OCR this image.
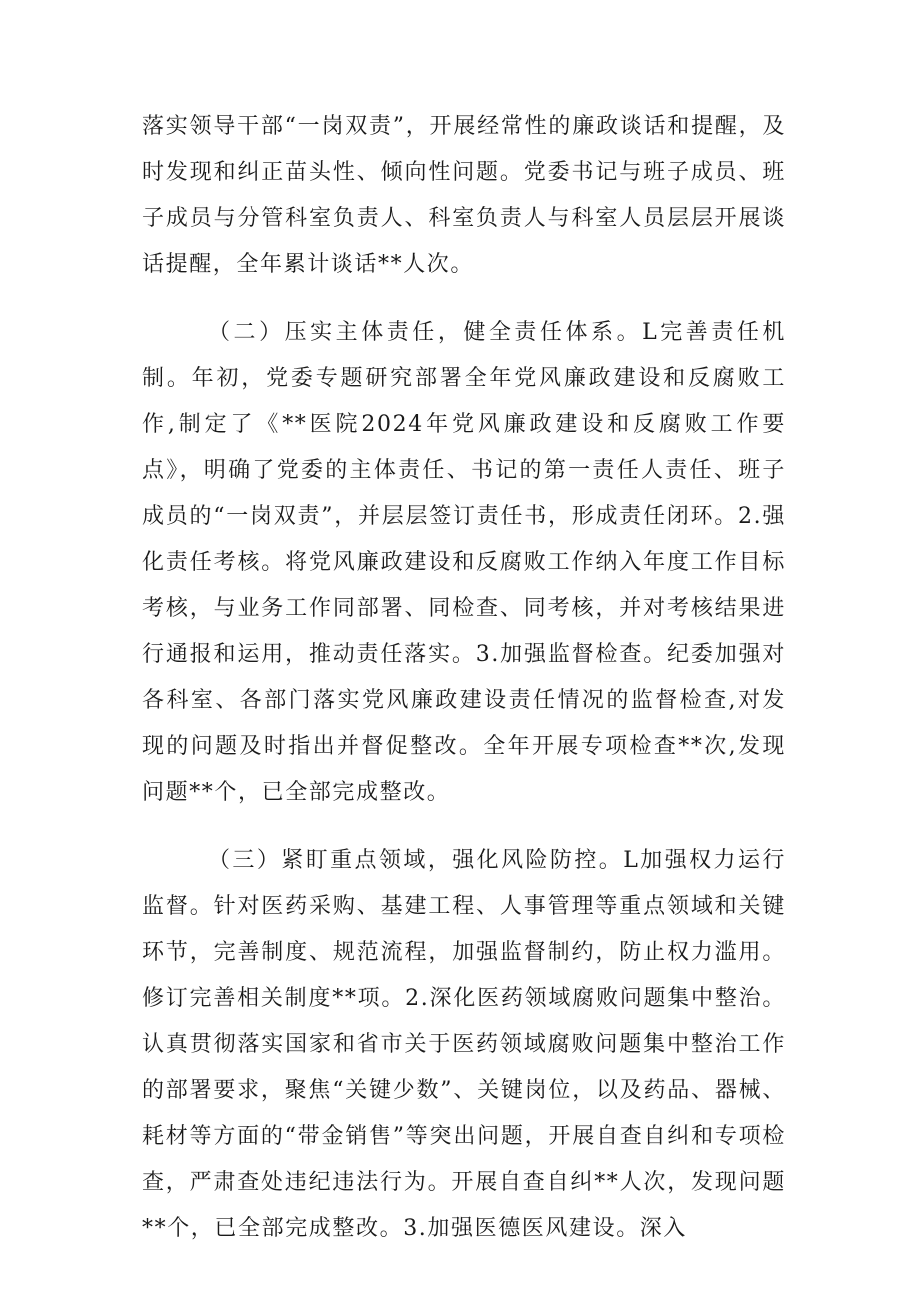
落实领导干部“一岗双责”，开展经常性的廉政谈话和提醒，及时发现和纠正苗头性、倾向性问题。党委书记与班子成员、班子成员与分管科室负责人、科室负责人与科室人员层层开展谈话提醒，全年累计谈话**人次。

（二）压实主体责任，健全责任体系。L完善责任机制。年初，党委专题研究部署全年党风廉政建设和反腐败工作,制定了《**医院2024年党风廉政建设和反腐败工作要点》，明确了党委的主体责任、书记的第一责任人责任、班子成员的“一岗双责”，并层层签订责任书，形成责任闭环。2.强化责任考核。将党风廉政建设和反腐败工作纳入年度工作目标考核，与业务工作同部署、同检查、同考核，并对考核结果进行通报和运用，推动责任落实。3.加强监督检查。纪委加强对各科室、各部门落实党风廉政建设责任情况的监督检查,对发现的问题及时指出并督促整改。全年开展专项检查**次,发现问题**个，已全部完成整改。

（三）紧盯重点领域，强化风险防控。L加强权力运行监督。针对医药采购、基建工程、人事管理等重点领域和关键环节，完善制度、规范流程，加强监督制约，防止权力滥用。修订完善相关制度**项。2.深化医药领域腐败问题集中整治。认真贯彻落实国家和省市关于医药领域腐败问题集中整治工作的部署要求，聚焦“关键少数”、关键岗位，以及药品、器械、耗材等方面的“带金销售”等突出问题，开展自查自纠和专项检查，严肃查处违纪违法行为。开展自查自纠**人次，发现问题**个，已全部完成整改。3.加强医德医风建设。深入
